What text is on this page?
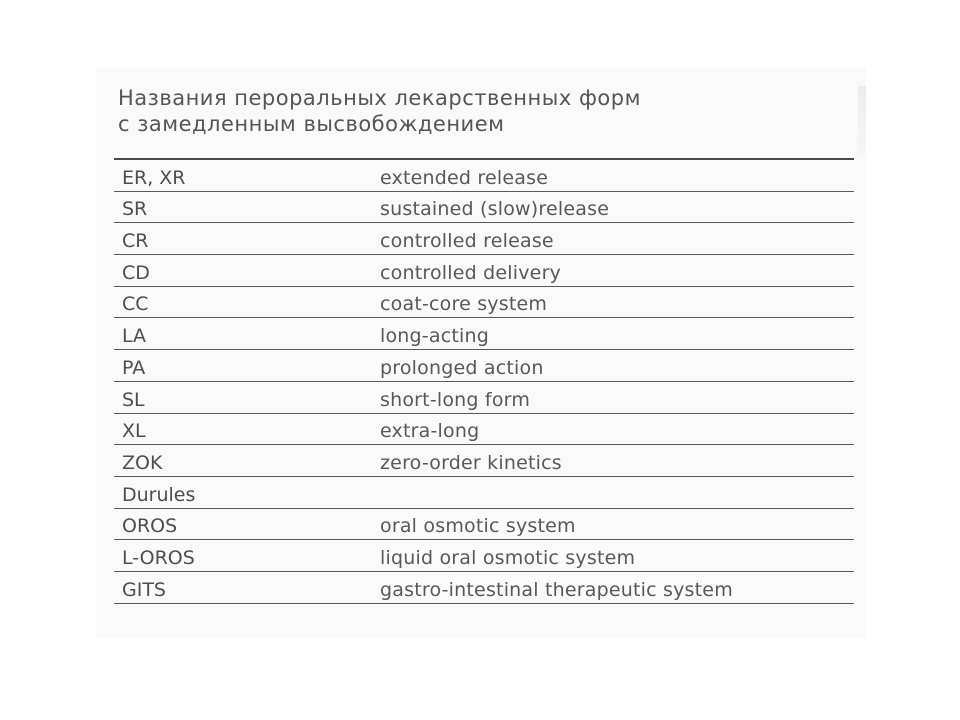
Названия пероральных лекарственных форм
с замедленным высвобождением
ER, XR	extended release
SR	sustained (slow)release
CR	controlled release
CD	controlled delivery
CC	coat-core system
LA	long-acting
PA	prolonged action
SL	short-long form
XL	extra-long
ZOK	zero-order kinetics
Durules
OROS	oral osmotic system
L-OROS	liquid oral osmotic system
GITS	gastro-intestinal therapeutic system
